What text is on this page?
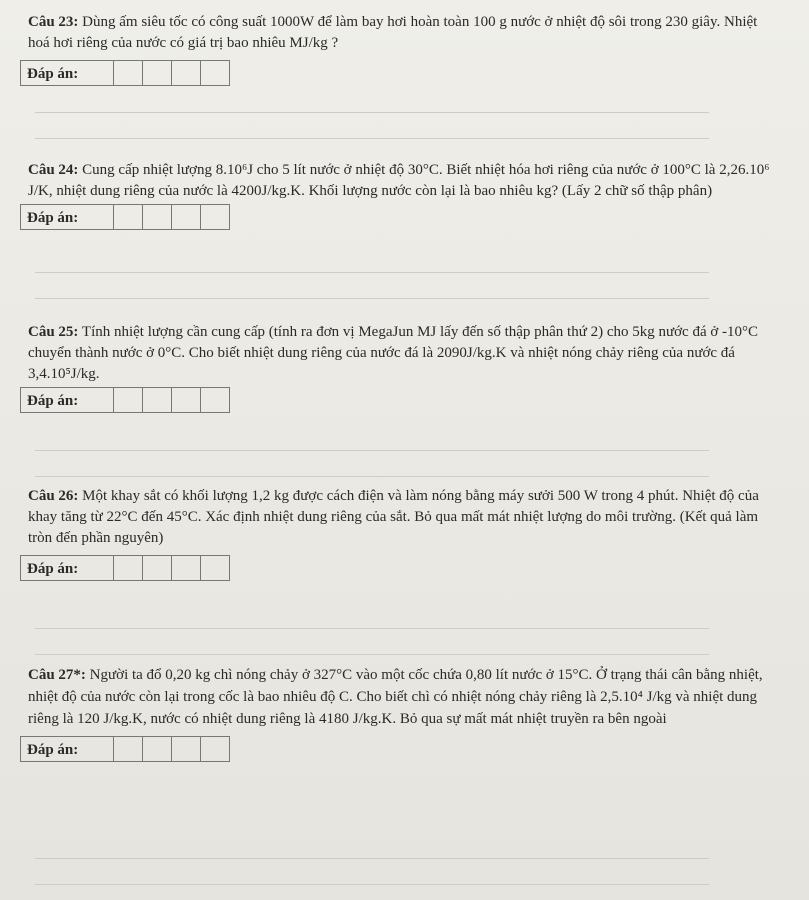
Câu 23: Dùng ấm siêu tốc có công suất 1000W để làm bay hơi hoàn toàn 100 g nước ở nhiệt độ sôi trong 230 giây. Nhiệt hoá hơi riêng của nước có giá trị bao nhiêu MJ/kg ?

Đáp án:

Câu 24: Cung cấp nhiệt lượng 8.10⁶J cho 5 lít nước ở nhiệt độ 30°C. Biết nhiệt hóa hơi riêng của nước ở 100°C là 2,26.10⁶ J/K, nhiệt dung riêng của nước là 4200J/kg.K. Khối lượng nước còn lại là bao nhiêu kg? (Lấy 2 chữ số thập phân)

Đáp án:

Câu 25: Tính nhiệt lượng cần cung cấp (tính ra đơn vị MegaJun MJ lấy đến số thập phân thứ 2) cho 5kg nước đá ở -10°C chuyển thành nước ở 0°C. Cho biết nhiệt dung riêng của nước đá là 2090J/kg.K và nhiệt nóng chảy riêng của nước đá 3,4.10⁵J/kg.

Đáp án:

Câu 26: Một khay sắt có khối lượng 1,2 kg được cách điện và làm nóng bằng máy sưởi 500 W trong 4 phút. Nhiệt độ của khay tăng từ 22°C đến 45°C. Xác định nhiệt dung riêng của sắt. Bỏ qua mất mát nhiệt lượng do môi trường. (Kết quả làm tròn đến phần nguyên)

Đáp án:

Câu 27*: Người ta đổ 0,20 kg chì nóng chảy ở 327°C vào một cốc chứa 0,80 lít nước ở 15°C. Ở trạng thái cân bằng nhiệt, nhiệt độ của nước còn lại trong cốc là bao nhiêu độ C. Cho biết chì có nhiệt nóng chảy riêng là 2,5.10⁴ J/kg và nhiệt dung riêng là 120 J/kg.K, nước có nhiệt dung riêng là 4180 J/kg.K. Bỏ qua sự mất mát nhiệt truyền ra bên ngoài

Đáp án:
